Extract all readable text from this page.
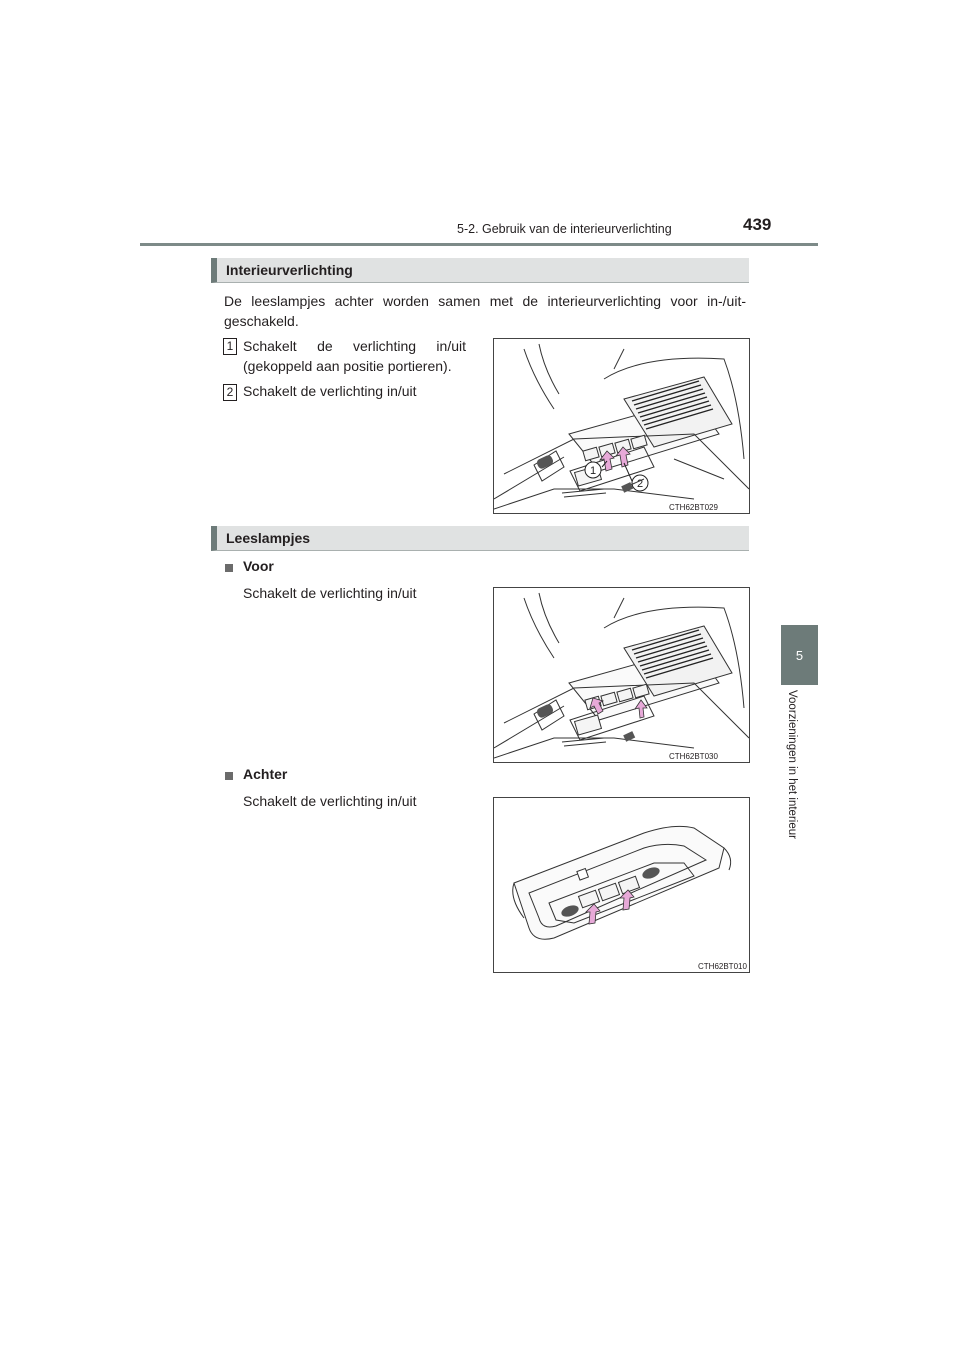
5-2. Gebruik van de interieurverlichting	439
5
Voorzieningen in het interieur
Interieurverlichting
De leeslampjes achter worden samen met de interieurverlichting voor in-/uit-
geschakeld.
1 Schakelt de verlichting in/uit
(gekoppeld aan positie portieren).
2 Schakelt de verlichting in/uit
1
2
CTH62BT029
Leeslampjes
Voor
Schakelt de verlichting in/uit
CTH62BT030
Achter
Schakelt de verlichting in/uit
CTH62BT010
